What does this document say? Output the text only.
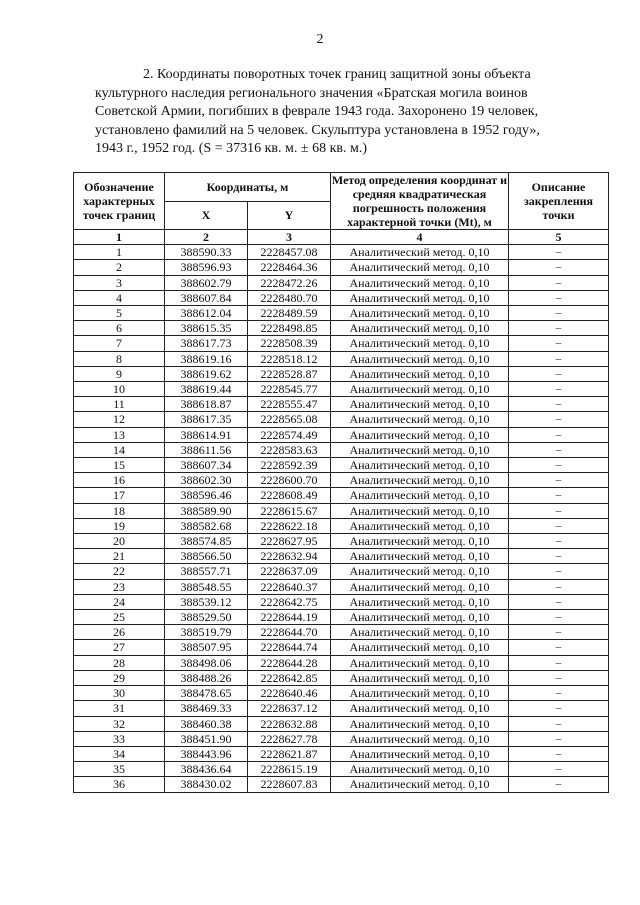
2

2. Координаты поворотных точек границ защитной зоны объекта

культурного наследия регионального значения «Братская могила воинов

Советской Армии, погибших в феврале 1943 года. Захоронено 19 человек,

установлено фамилий на 5 человек. Скульптура установлена в 1952 году»,

1943 г., 1952 год. (S = 37316 кв. м. ± 68 кв. м.)

Обозначение характерных точек границ	Координаты, м		Метод определения координат и средняя квадратическая погрешность положения характерной точки (Mt), м	Описание закрепления точки
	X	Y		
1	2	3	4	5
1	388590.33	2228457.08	Аналитический метод. 0,10	–
2	388596.93	2228464.36	Аналитический метод. 0,10	–
3	388602.79	2228472.26	Аналитический метод. 0,10	–
4	388607.84	2228480.70	Аналитический метод. 0,10	–
5	388612.04	2228489.59	Аналитический метод. 0,10	–
6	388615.35	2228498.85	Аналитический метод. 0,10	–
7	388617.73	2228508.39	Аналитический метод. 0,10	–
8	388619.16	2228518.12	Аналитический метод. 0,10	–
9	388619.62	2228528.87	Аналитический метод. 0,10	–
10	388619.44	2228545.77	Аналитический метод. 0,10	–
11	388618.87	2228555.47	Аналитический метод. 0,10	–
12	388617.35	2228565.08	Аналитический метод. 0,10	–
13	388614.91	2228574.49	Аналитический метод. 0,10	–
14	388611.56	2228583.63	Аналитический метод. 0,10	–
15	388607.34	2228592.39	Аналитический метод. 0,10	–
16	388602.30	2228600.70	Аналитический метод. 0,10	–
17	388596.46	2228608.49	Аналитический метод. 0,10	–
18	388589.90	2228615.67	Аналитический метод. 0,10	–
19	388582.68	2228622.18	Аналитический метод. 0,10	–
20	388574.85	2228627.95	Аналитический метод. 0,10	–
21	388566.50	2228632.94	Аналитический метод. 0,10	–
22	388557.71	2228637.09	Аналитический метод. 0,10	–
23	388548.55	2228640.37	Аналитический метод. 0,10	–
24	388539.12	2228642.75	Аналитический метод. 0,10	–
25	388529.50	2228644.19	Аналитический метод. 0,10	–
26	388519.79	2228644.70	Аналитический метод. 0,10	–
27	388507.95	2228644.74	Аналитический метод. 0,10	–
28	388498.06	2228644.28	Аналитический метод. 0,10	–
29	388488.26	2228642.85	Аналитический метод. 0,10	–
30	388478.65	2228640.46	Аналитический метод. 0,10	–
31	388469.33	2228637.12	Аналитический метод. 0,10	–
32	388460.38	2228632.88	Аналитический метод. 0,10	–
33	388451.90	2228627.78	Аналитический метод. 0,10	–
34	388443.96	2228621.87	Аналитический метод. 0,10	–
35	388436.64	2228615.19	Аналитический метод. 0,10	–
36	388430.02	2228607.83	Аналитический метод. 0,10	–
